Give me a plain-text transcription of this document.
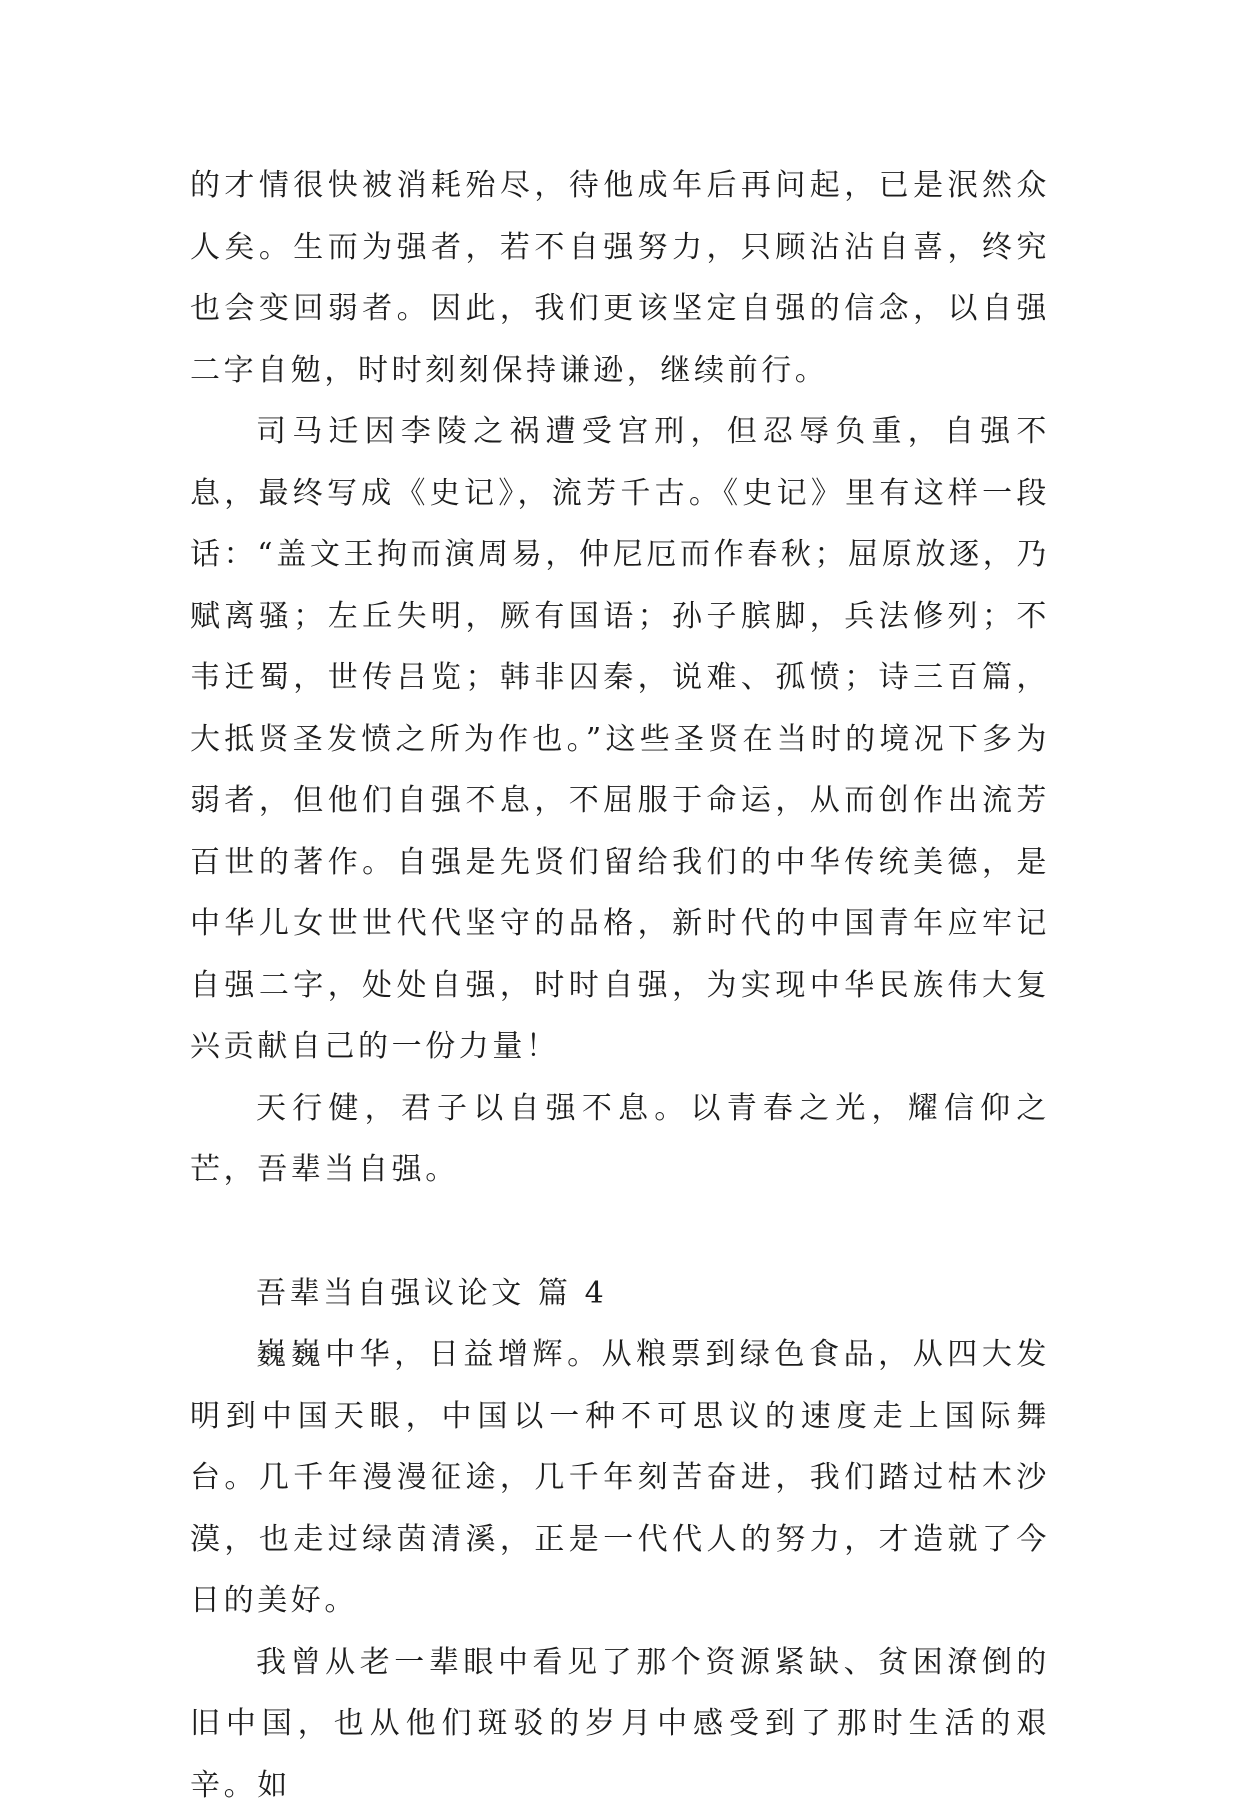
的才情很快被消耗殆尽，待他成年后再问起，已是泯然众人矣。生而为强者，若不自强努力，只顾沾沾自喜，终究也会变回弱者。因此，我们更该坚定自强的信念，以自强二字自勉，时时刻刻保持谦逊，继续前行。

司马迁因李陵之祸遭受宫刑，但忍辱负重，自强不息，最终写成《史记》，流芳千古。《史记》里有这样一段话：“盖文王拘而演周易，仲尼厄而作春秋；屈原放逐，乃赋离骚；左丘失明，厥有国语；孙子膑脚，兵法修列；不韦迁蜀，世传吕览；韩非囚秦，说难、孤愤；诗三百篇，大抵贤圣发愤之所为作也。”这些圣贤在当时的境况下多为弱者，但他们自强不息，不屈服于命运，从而创作出流芳百世的著作。自强是先贤们留给我们的中华传统美德，是中华儿女世世代代坚守的品格，新时代的中国青年应牢记自强二字，处处自强，时时自强，为实现中华民族伟大复兴贡献自己的一份力量！

天行健，君子以自强不息。以青春之光，耀信仰之芒，吾辈当自强。

吾辈当自强议论文 篇 4

巍巍中华，日益增辉。从粮票到绿色食品，从四大发明到中国天眼，中国以一种不可思议的速度走上国际舞台。几千年漫漫征途，几千年刻苦奋进，我们踏过枯木沙漠，也走过绿茵清溪，正是一代代人的努力，才造就了今日的美好。

我曾从老一辈眼中看见了那个资源紧缺、贫困潦倒的旧中国，也从他们斑驳的岁月中感受到了那时生活的艰辛。如
